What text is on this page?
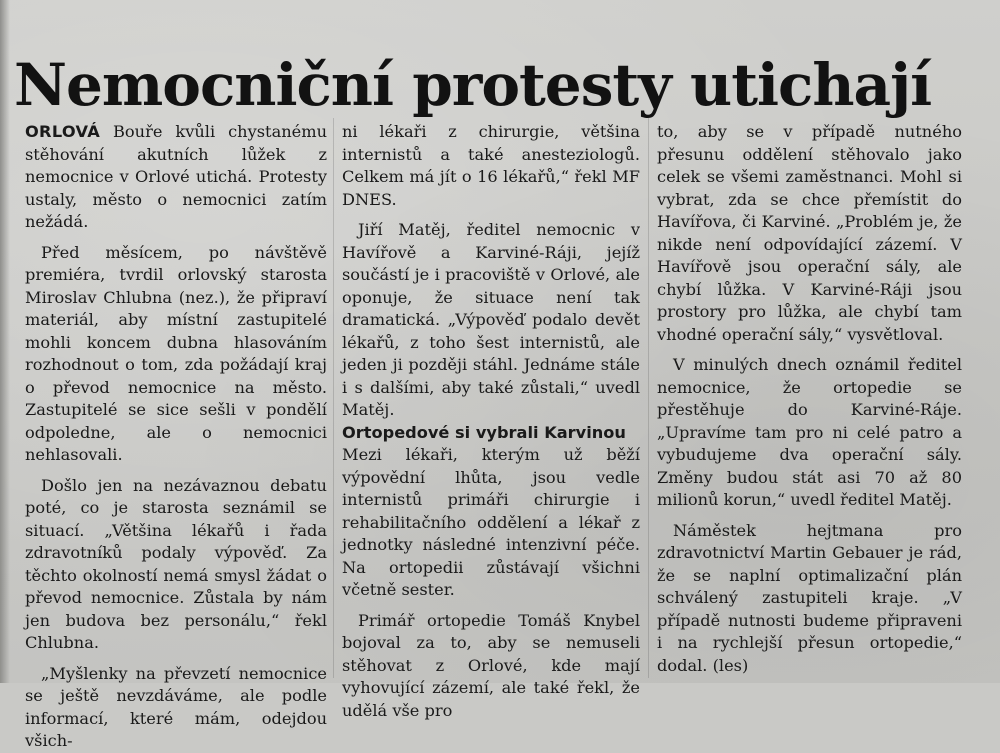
Nemocniční protesty utichají

ORLOVÁ Bouře kvůli chystanému stěhování akutních lůžek z nemocnice v Orlové utichá. Protesty ustaly, město o nemocnici zatím nežádá.

Před měsícem, po návštěvě premiéra, tvrdil orlovský starosta Miroslav Chlubna (nez.), že připraví materiál, aby místní zastupitelé mohli koncem dubna hlasováním rozhodnout o tom, zda požádají kraj o převod nemocnice na město. Zastupitelé se sice sešli v pondělí odpoledne, ale o nemocnici nehlasovali.

Došlo jen na nezávaznou debatu poté, co je starosta seznámil se situací. „Většina lékařů i řada zdravotníků podaly výpověď. Za těchto okolností nemá smysl žádat o převod nemocnice. Zůstala by nám jen budova bez personálu,“ řekl Chlubna.

„Myšlenky na převzetí nemocnice se ještě nevzdáváme, ale podle informací, které mám, odejdou všich-

ni lékaři z chirurgie, většina internistů a také anesteziologů. Celkem má jít o 16 lékařů,“ řekl MF DNES.

Jiří Matěj, ředitel nemocnic v Havířově a Karviné-Ráji, jejíž součástí je i pracoviště v Orlové, ale oponuje, že situace není tak dramatická. „Výpověď podalo devět lékařů, z toho šest internistů, ale jeden ji později stáhl. Jednáme stále i s dalšími, aby také zůstali,“ uvedl Matěj.

Ortopedové si vybrali Karvinou

Mezi lékaři, kterým už běží výpovědní lhůta, jsou vedle internistů primáři chirurgie i rehabilitačního oddělení a lékař z jednotky následné intenzivní péče. Na ortopedii zůstávají všichni včetně sester.

Primář ortopedie Tomáš Knybel bojoval za to, aby se nemuseli stěhovat z Orlové, kde mají vyhovující zázemí, ale také řekl, že udělá vše pro

to, aby se v případě nutného přesunu oddělení stěhovalo jako celek se všemi zaměstnanci. Mohl si vybrat, zda se chce přemístit do Havířova, či Karviné. „Problém je, že nikde není odpovídající zázemí. V Havířově jsou operační sály, ale chybí lůžka. V Karviné-Ráji jsou prostory pro lůžka, ale chybí tam vhodné operační sály,“ vysvětloval.

V minulých dnech oznámil ředitel nemocnice, že ortopedie se přestěhuje do Karviné-Ráje. „Upravíme tam pro ni celé patro a vybudujeme dva operační sály. Změny budou stát asi 70 až 80 milionů korun,“ uvedl ředitel Matěj.

Náměstek hejtmana pro zdravotnictví Martin Gebauer je rád, že se naplní optimalizační plán schválený zastupiteli kraje. „V případě nutnosti budeme připraveni i na rychlejší přesun ortopedie,“ dodal. (les)
